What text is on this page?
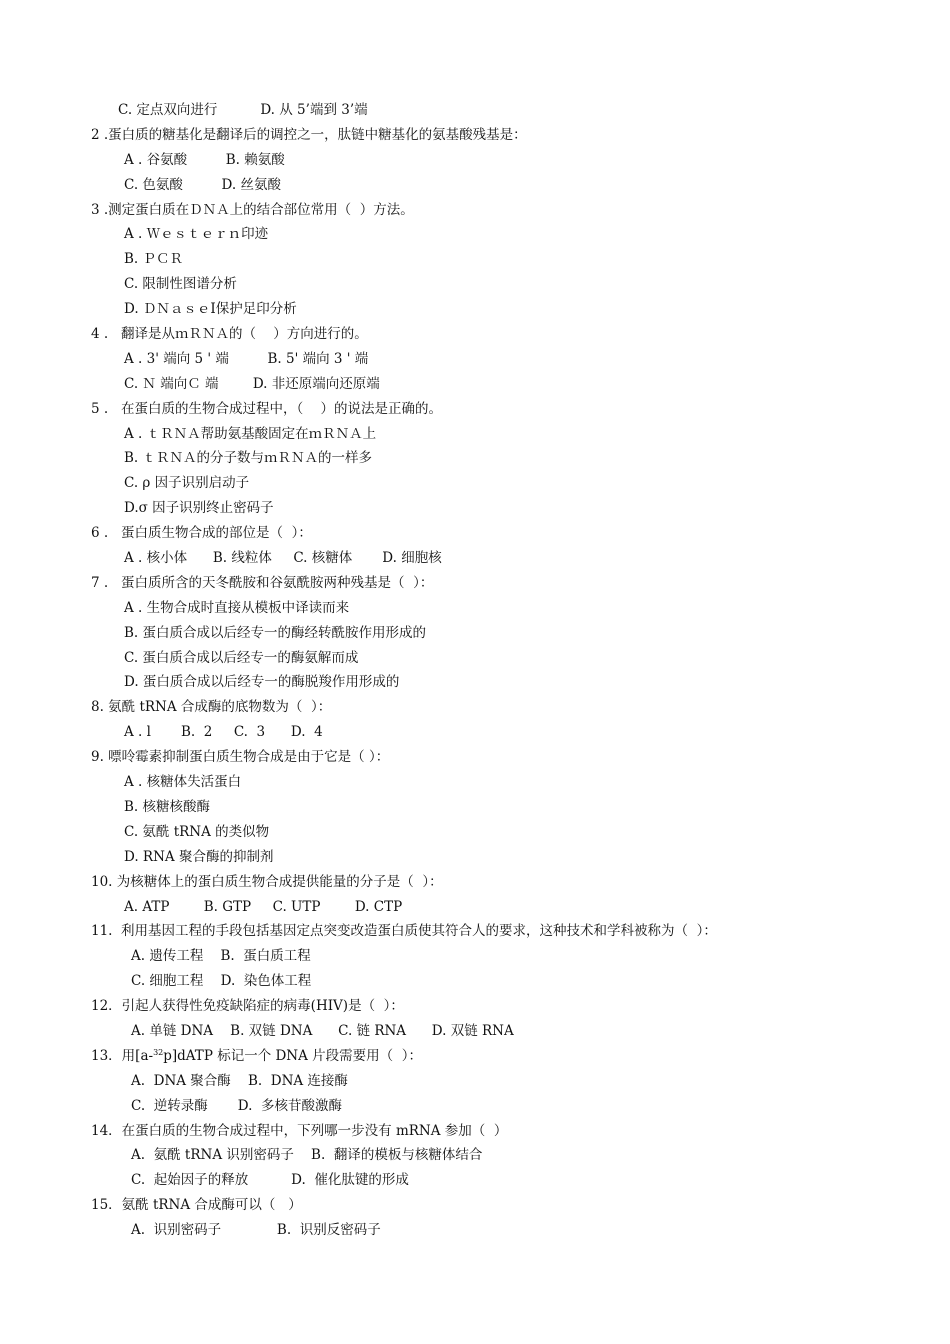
C. 定点双向进行          D. 从 5’端到 3’端
2 .蛋白质的糖基化是翻译后的调控之一，肽链中糖基化的氨基酸残基是：
A . 谷氨酸         B. 赖氨酸
C. 色氨酸         D. 丝氨酸
3 .测定蛋白质在ＤＮＡ上的结合部位常用（  ）方法。
A . Ｗｅｓｔｅｒｎ印迹
B. ＰＣＲ
C. 限制性图谱分析
D. ＤＮａｓｅⅠ保护足印分析
4 .   翻译是从ｍＲＮＡ的（    ）方向进行的。
A . 3' 端向 5 ' 端         B. 5' 端向 3 ' 端
C. Ｎ 端向Ｃ 端        D. 非还原端向还原端
5 .   在蛋白质的生物合成过程中，（    ）的说法是正确的。
A . ｔＲＮＡ帮助氨基酸固定在ｍＲＮＡ上
B. ｔＲＮＡ的分子数与ｍＲＮＡ的一样多
C. ρ 因子识别启动子
D.σ 因子识别终止密码子
6 .   蛋白质生物合成的部位是（  ）：
A . 核小体      B. 线粒体     C. 核糖体       D. 细胞核
7 .   蛋白质所含的天冬酰胺和谷氨酰胺两种残基是（  ）：
A . 生物合成时直接从模板中译读而来
B. 蛋白质合成以后经专一的酶经转酰胺作用形成的
C. 蛋白质合成以后经专一的酶氨解而成
D. 蛋白质合成以后经专一的酶脱羧作用形成的
8. 氨酰 tRNA 合成酶的底物数为（  ）：
A . l       B.  2     C.  3      D.  4
9. 嘌呤霉素抑制蛋白质生物合成是由于它是（ ）：
A . 核糖体失活蛋白
B. 核糖核酸酶
C. 氨酰 tRNA 的类似物
D. RNA 聚合酶的抑制剂
10. 为核糖体上的蛋白质生物合成提供能量的分子是（  ）：
A. ATP        B. GTP     C. UTP        D. CTP
11.  利用基因工程的手段包括基因定点突变改造蛋白质使其符合人的要求，这种技术和学科被称为（  ）：
A. 遗传工程    B.  蛋白质工程
C. 细胞工程    D.  染色体工程
12．引起人获得性免疫缺陷症的病毒(HIV)是（  ）：
A. 单链 DNA    B. 双链 DNA      C. 链 RNA      D. 双链 RNA
13．用[a-$^{32}$p]dATP 标记一个 DNA 片段需要用（  ）：
A.  DNA 聚合酶    B.  DNA 连接酶
C.  逆转录酶       D.  多核苷酸激酶
14．在蛋白质的生物合成过程中，下列哪一步没有 mRNA 参加（  ）
A.  氨酰 tRNA 识别密码子    B.  翻译的模板与核糖体结合
C.  起始因子的释放          D.  催化肽键的形成
15．氨酰 tRNA 合成酶可以（   ）
A.  识别密码子             B.  识别反密码子
